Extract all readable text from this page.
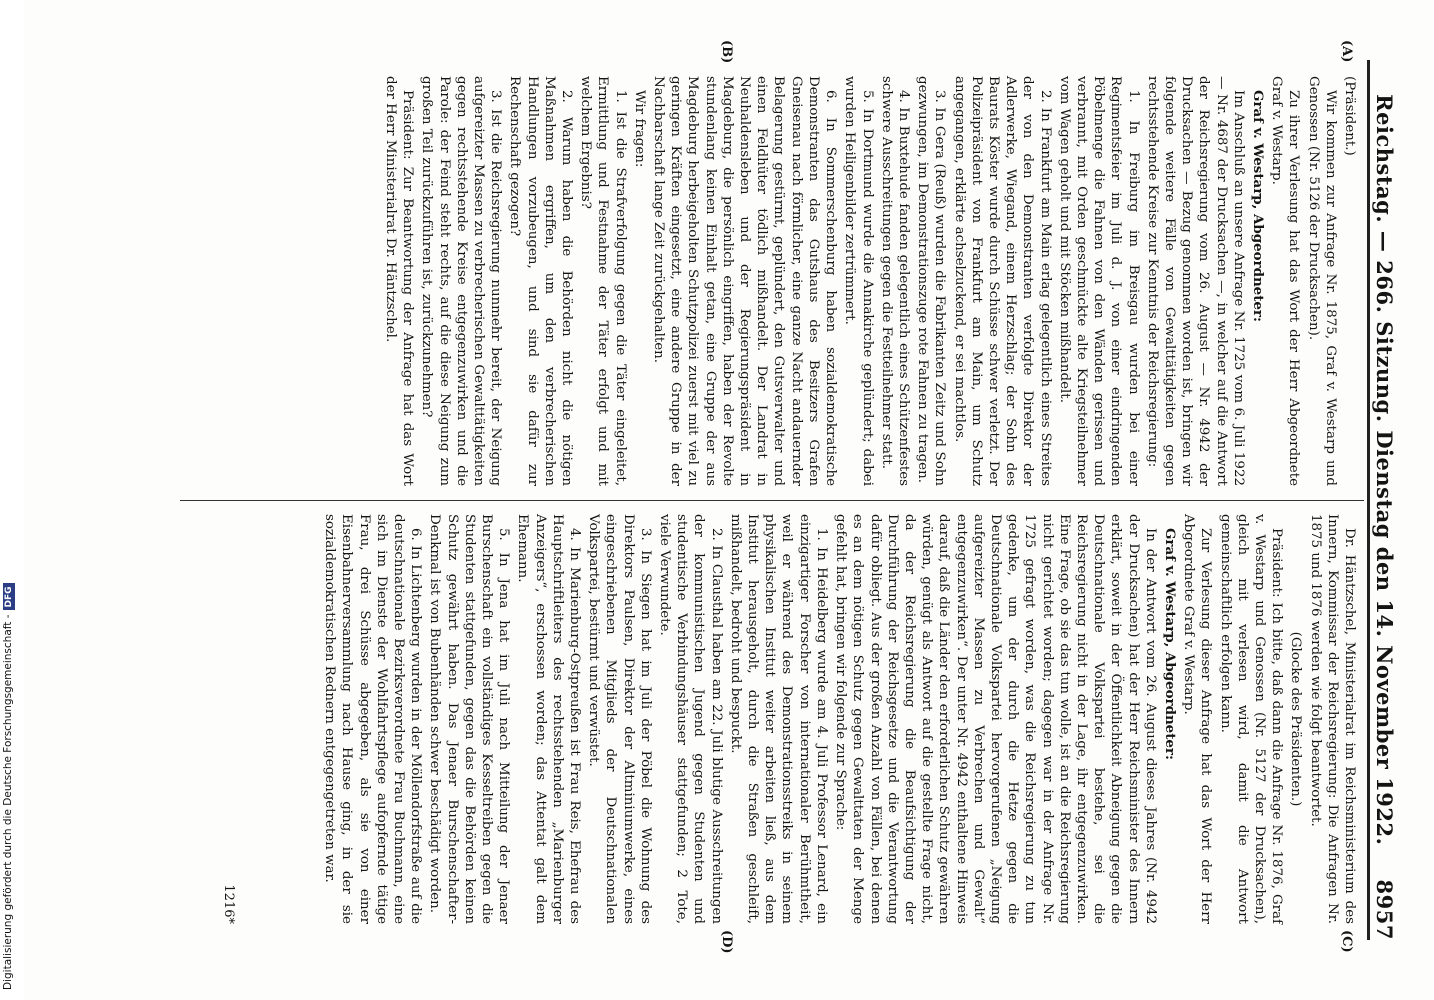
Reichstag. — 266. Sitzung. Dienstag den 14. November 1922.
8957
(A)
(B)
(C)
(D)

(Präsident.)

Wir kommen zur Anfrage Nr. 1875, Graf v. Westarp und Genossen (Nr. 5126 der Drucksachen).

Zu ihrer Verlesung hat das Wort der Herr Abgeordnete Graf v. Westarp.

Graf v. Westarp, Abgeordneter:

Im Anschluß an unsere Anfrage Nr. 1725 vom 6. Juli 1922 — Nr. 4687 der Drucksachen —, in welcher auf die Antwort der Reichsregierung vom 26. August — Nr. 4942 der Drucksachen — Bezug genommen worden ist, bringen wir folgende weitere Fälle von Gewalttätigkeiten gegen rechtsstehende Kreise zur Kenntnis der Reichsregierung:

1. In Freiburg im Breisgau wurden bei einer Regimentsfeier im Juli d. J. von einer eindringenden Pöbelmenge die Fahnen von den Wänden gerissen und verbrannt, mit Orden geschmückte alte Kriegsteilnehmer vom Wagen geholt und mit Stöcken mißhandelt.

2. In Frankfurt am Main erlag gelegentlich eines Streites der von den Demonstranten verfolgte Direktor der Adlerwerke, Wiegand, einem Herzschlag; der Sohn des Baurats Köster wurde durch Schüsse schwer verletzt. Der Polizeipräsident von Frankfurt am Main, um Schutz angegangen, erklärte achselzuckend, er sei machtlos.

3. In Gera (Reuß) wurden die Fabrikanten Zeitz und Sohn gezwungen, im Demonstrationszuge rote Fahnen zu tragen.

4. In Buxtehude fanden gelegentlich eines Schützenfestes schwere Ausschreitungen gegen die Festteilnehmer statt.

5. In Dortmund wurde die Annakirche geplündert; dabei wurden Heiligenbilder zertrümmert.

6. In Sommerschenburg haben sozialdemokratische Demonstranten das Gutshaus des Besitzers Grafen Gneisenau nach förmlicher, eine ganze Nacht andauernder Belagerung gestürmt, geplündert, den Gutsverwalter und einen Feldhüter tödlich mißhandelt. Der Landrat in Neuhaldensleben und der Regierungspräsident in Magdeburg, die persönlich eingriffen, haben der Revolte stundenlang keinen Einhalt getan, eine Gruppe der aus Magdeburg herbeigeholten Schutzpolizei zuerst mit viel zu geringen Kräften eingesetzt, eine andere Gruppe in der Nachbarschaft lange Zeit zurückgehalten.

Wir fragen:

1. Ist die Strafverfolgung gegen die Täter eingeleitet, Ermittlung und Festnahme der Täter erfolgt und mit welchem Ergebnis?

2. Warum haben die Behörden nicht die nötigen Maßnahmen ergriffen, um den verbrecherischen Handlungen vorzubeugen, und sind sie dafür zur Rechenschaft gezogen?

3. Ist die Reichsregierung nunmehr bereit, der Neigung aufgereizter Massen zu verbrecherischen Gewalttätigkeiten gegen rechtsstehende Kreise entgegenzuwirken und die Parole: der Feind steht rechts, auf die diese Neigung zum großen Teil zurückzuführen ist, zurückzunehmen?

Präsident: Zur Beantwortung der Anfrage hat das Wort der Herr Ministerialrat Dr. Häntzschel.

Dr. Häntzschel, Ministerialrat im Reichsministerium des Innern, Kommissar der Reichsregierung: Die Anfragen Nr. 1875 und 1876 werden wie folgt beantwortet.

(Glocke des Präsidenten.)

Präsident: Ich bitte, daß dann die Anfrage Nr. 1876, Graf v. Westarp und Genossen (Nr. 5127 der Drucksachen), gleich mit verlesen wird, damit die Antwort gemeinschaftlich erfolgen kann.

Zur Verlesung dieser Anfrage hat das Wort der Herr Abgeordnete Graf v. Westarp.

Graf v. Westarp, Abgeordneter:

In der Antwort vom 26. August dieses Jahres (Nr. 4942 der Drucksachen) hat der Herr Reichsminister des Innern erklärt, soweit in der Öffentlichkeit Abneigung gegen die Deutschnationale Volkspartei bestehe, sei die Reichsregierung nicht in der Lage, ihr entgegenzuwirken. Eine Frage, ob sie das tun wolle, ist an die Reichsregierung nicht gerichtet worden; dagegen war in der Anfrage Nr. 1725 gefragt worden, was die Reichsregierung zu tun gedenke, um der durch die Hetze gegen die Deutschnationale Volkspartei hervorgerufenen „Neigung aufgereizter Massen zu Verbrechen und Gewalt“ entgegenzuwirken“. Der unter Nr. 4942 enthaltene Hinweis darauf, daß die Länder den erforderlichen Schutz gewähren würden, genügt als Antwort auf die gestellte Frage nicht, da der Reichsregierung die Beaufsichtigung der Durchführung der Reichsgesetze und die Verantwortung dafür obliegt. Aus der großen Anzahl von Fällen, bei denen es an dem nötigen Schutz gegen Gewalttaten der Menge gefehlt hat, bringen wir folgende zur Sprache:

1. In Heidelberg wurde am 4. Juli Professor Lenard, ein einzigartiger Forscher von internationaler Berühmtheit, weil er während des Demonstrationsstreiks in seinem physikalischen Institut weiter arbeiten ließ, aus dem Institut herausgeholt, durch die Straßen geschleift, mißhandelt, bedroht und bespuckt.

2. In Clausthal haben am 22. Juli blutige Ausschreitungen der kommunistischen Jugend gegen Studenten und studentische Verbindungshäuser stattgefunden; 2 Tote, viele Verwundete.

3. In Siegen hat im Juli der Pöbel die Wohnung des Direktors Paulsen, Direktor der Altminiumwerke, eines eingeschriebenen Mitglieds der Deutschnationalen Volkspartei, bestürmt und verwüstet.

4. In Marienburg-Ostpreußen ist Frau Reis, Ehefrau des Hauptschriftleiters des rechtsstehenden „Marienburger Anzeigers“, erschossen worden; das Attentat galt dem Ehemann.

5. In Jena hat im Juli nach Mitteilung der Jenaer Burschenschaft ein vollständiges Kesseltreiben gegen die Studenten stattgefunden, gegen das die Behörden keinen Schutz gewährt haben. Das Jenaer Burschenschafter-Denkmal ist von Bubenhänden schwer beschädigt worden.

6. In Lichtenberg wurden in der Möllendorfstraße auf die deutschnationale Bezirksverordnete Frau Buchmann, eine sich im Dienste der Wohlfahrtspflege aufopfernde tätige Frau, drei Schüsse abgegeben, als sie von einer Eisenbahnerversammlung nach Hause ging, in der sie sozialdemokratischen Rednern entgegengetreten war.

1216*
Digitalisierung gefördert durch die Deutsche Forschungsgemeinschaft -DFG
